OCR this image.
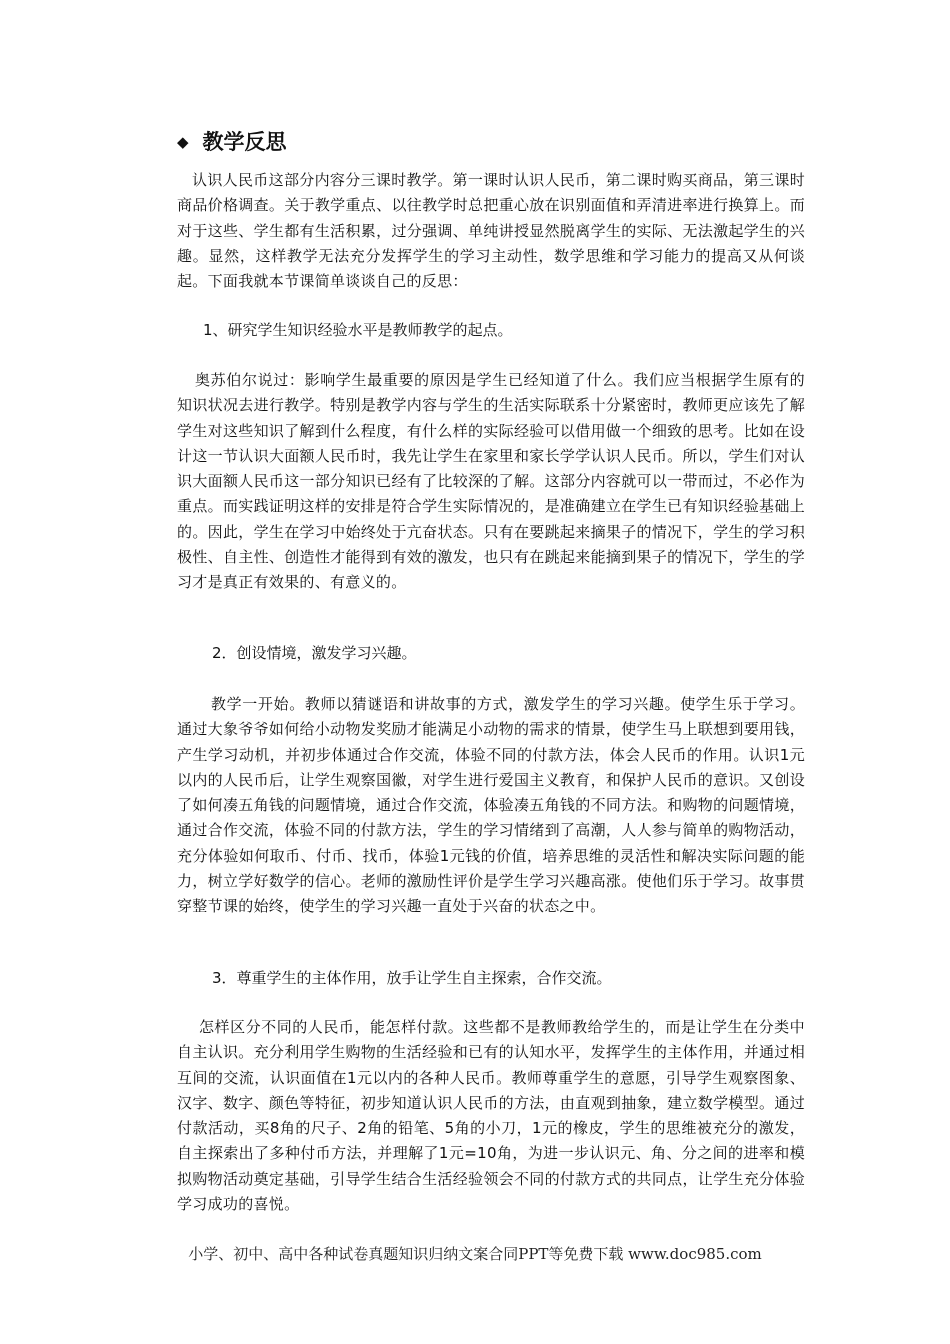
◆ 教学反思

认识人民币这部分内容分三课时教学。第一课时认识人民币，第二课时购买商品，第三课时商品价格调查。关于教学重点、以往教学时总把重心放在识别面值和弄清进率进行换算上。而对于这些、学生都有生活积累，过分强调、单纯讲授显然脱离学生的实际、无法激起学生的兴趣。显然，这样教学无法充分发挥学生的学习主动性，数学思维和学习能力的提高又从何谈起。下面我就本节课简单谈谈自己的反思：

1、研究学生知识经验水平是教师教学的起点。

奥苏伯尔说过：影响学生最重要的原因是学生已经知道了什么。我们应当根据学生原有的知识状况去进行教学。特别是教学内容与学生的生活实际联系十分紧密时，教师更应该先了解学生对这些知识了解到什么程度，有什么样的实际经验可以借用做一个细致的思考。比如在设计这一节认识大面额人民币时，我先让学生在家里和家长学学认识人民币。所以，学生们对认识大面额人民币这一部分知识已经有了比较深的了解。这部分内容就可以一带而过，不必作为重点。而实践证明这样的安排是符合学生实际情况的，是准确建立在学生已有知识经验基础上的。因此，学生在学习中始终处于亢奋状态。只有在要跳起来摘果子的情况下，学生的学习积极性、自主性、创造性才能得到有效的激发，也只有在跳起来能摘到果子的情况下，学生的学习才是真正有效果的、有意义的。

2．创设情境，激发学习兴趣。

教学一开始。教师以猜谜语和讲故事的方式，激发学生的学习兴趣。使学生乐于学习。通过大象爷爷如何给小动物发奖励才能满足小动物的需求的情景，使学生马上联想到要用钱，产生学习动机，并初步体通过合作交流，体验不同的付款方法，体会人民币的作用。认识1元以内的人民币后，让学生观察国徽，对学生进行爱国主义教育，和保护人民币的意识。又创设了如何凑五角钱的问题情境，通过合作交流，体验凑五角钱的不同方法。和购物的问题情境，通过合作交流，体验不同的付款方法，学生的学习情绪到了高潮，人人参与简单的购物活动，充分体验如何取币、付币、找币，体验1元钱的价值，培养思维的灵活性和解决实际问题的能力，树立学好数学的信心。老师的激励性评价是学生学习兴趣高涨。使他们乐于学习。故事贯穿整节课的始终，使学生的学习兴趣一直处于兴奋的状态之中。

3．尊重学生的主体作用，放手让学生自主探索，合作交流。

怎样区分不同的人民币，能怎样付款。这些都不是教师教给学生的，而是让学生在分类中自主认识。充分利用学生购物的生活经验和已有的认知水平，发挥学生的主体作用，并通过相互间的交流，认识面值在1元以内的各种人民币。教师尊重学生的意愿，引导学生观察图象、汉字、数字、颜色等特征，初步知道认识人民币的方法，由直观到抽象，建立数学模型。通过付款活动，买8角的尺子、2角的铅笔、5角的小刀，1元的橡皮，学生的思维被充分的激发，自主探索出了多种付币方法，并理解了1元=10角，为进一步认识元、角、分之间的进率和模拟购物活动奠定基础，引导学生结合生活经验领会不同的付款方式的共同点，让学生充分体验学习成功的喜悦。

小学、初中、高中各种试卷真题知识归纳文案合同PPT等免费下载 www.doc985.com
